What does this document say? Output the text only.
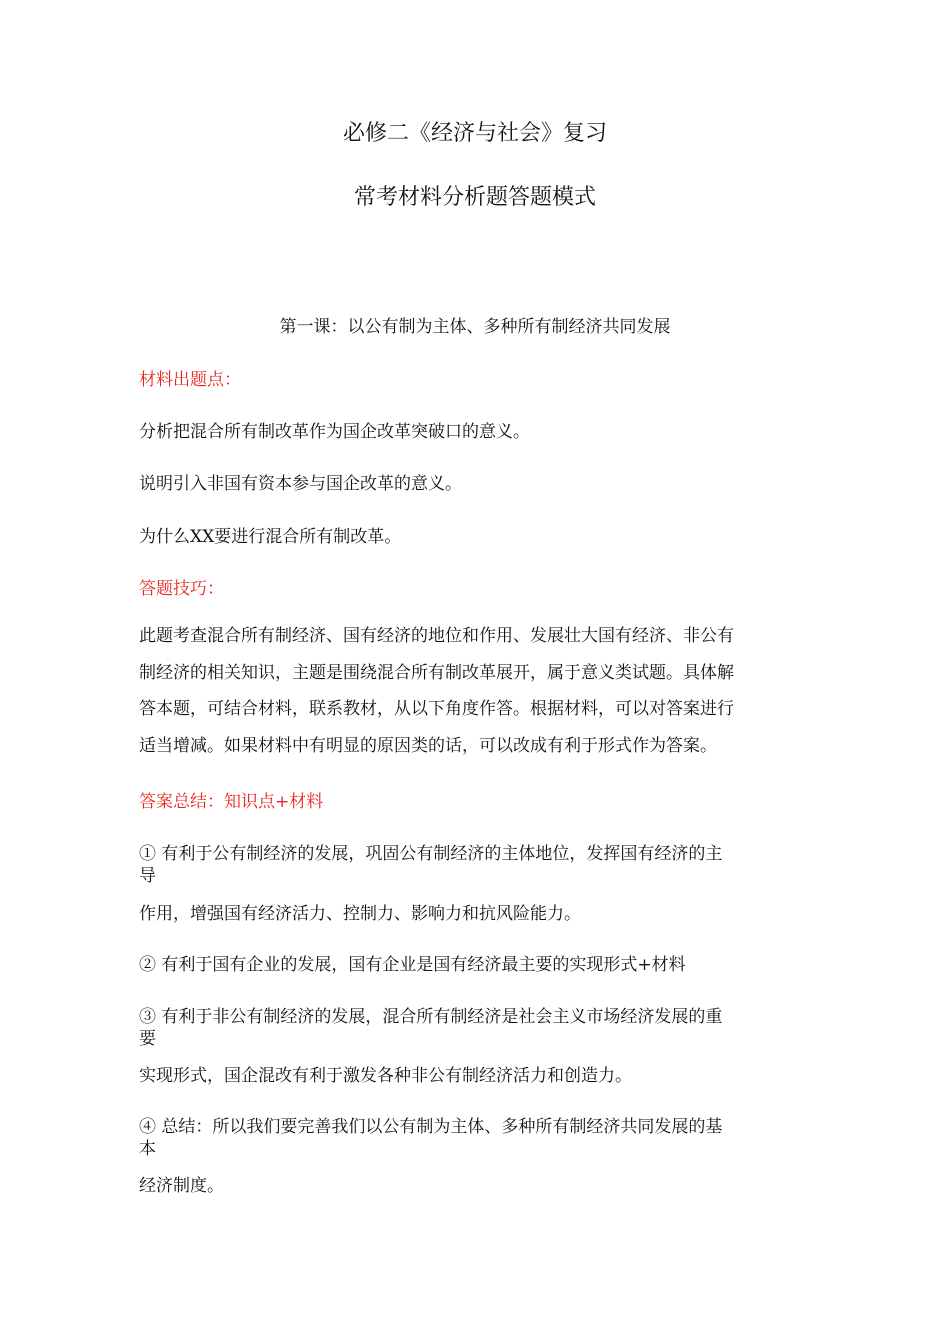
必修二《经济与社会》复习
常考材料分析题答题模式
第一课：以公有制为主体、多种所有制经济共同发展
材料出题点：
分析把混合所有制改革作为国企改革突破口的意义。
说明引入非国有资本参与国企改革的意义。
为什么XX要进行混合所有制改革。
答题技巧：
此题考查混合所有制经济、国有经济的地位和作用、发展壮大国有经济、非公有
制经济的相关知识，主题是围绕混合所有制改革展开，属于意义类试题。具体解
答本题，可结合材料，联系教材，从以下角度作答。根据材料，可以对答案进行
适当增减。如果材料中有明显的原因类的话，可以改成有利于形式作为答案。
答案总结：知识点+材料
① 有利于公有制经济的发展，巩固公有制经济的主体地位，发挥国有经济的主
导
作用，增强国有经济活力、控制力、影响力和抗风险能力。
② 有利于国有企业的发展，国有企业是国有经济最主要的实现形式+材料
③ 有利于非公有制经济的发展，混合所有制经济是社会主义市场经济发展的重
要
实现形式，国企混改有利于激发各种非公有制经济活力和创造力。
④ 总结：所以我们要完善我们以公有制为主体、多种所有制经济共同发展的基
本
经济制度。
